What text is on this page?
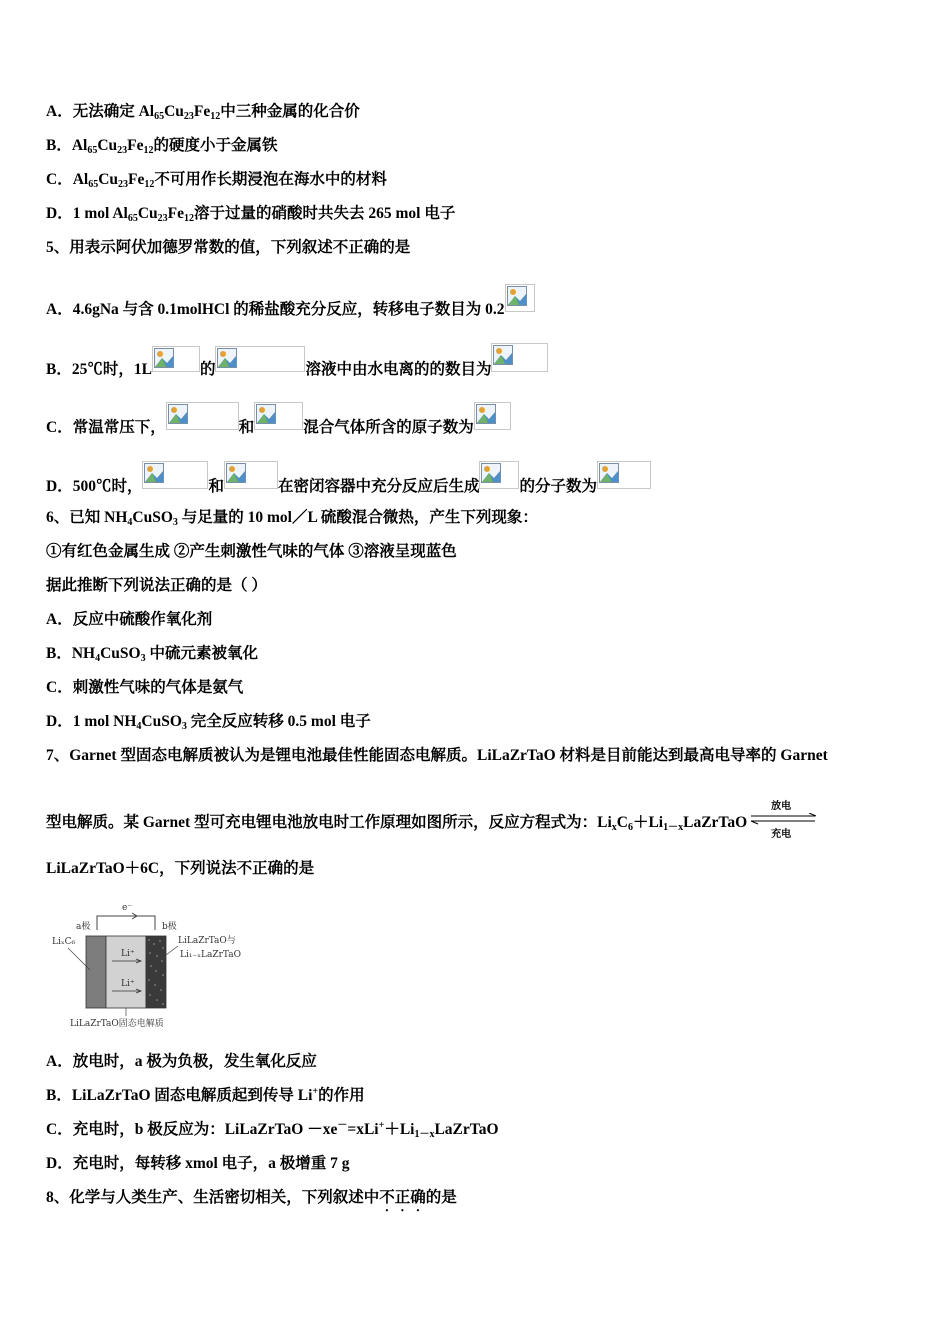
A．无法确定 $Al_{65}Cu_{23}Fe_{12}$中三种金属的化合价
B．$Al_{65}Cu_{23}Fe_{12}$的硬度小于金属铁
C．$Al_{65}Cu_{23}Fe_{12}$不可用作长期浸泡在海水中的材料
D．1 mol $Al_{65}Cu_{23}Fe_{12}$溶于过量的硝酸时共失去 265 mol 电子
5、用表示阿伏加德罗常数的值，下列叙述不正确的是
A．4.6gNa 与含 0.1molHCl 的稀盐酸充分反应，转移电子数目为 0.2
B．25℃时，1L	的	溶液中由水电离的的数目为
C．常温常压下，	和	混合气体所含的原子数为
D．500℃时，	和	在密闭容器中充分反应后生成	的分子数为
6、已知 $NH_4CuSO_3$ 与足量的 10 mol／L 硫酸混合微热，产生下列现象：
①有红色金属生成 ②产生刺激性气味的气体 ③溶液呈现蓝色
据此推断下列说法正确的是（ ）
A．反应中硫酸作氧化剂
B．$NH_4CuSO_3$ 中硫元素被氧化
C．刺激性气味的气体是氨气
D．1 mol $NH_4CuSO_3$ 完全反应转移 0.5 mol 电子
7、Garnet 型固态电解质被认为是锂电池最佳性能固态电解质。LiLaZrTaO 材料是目前能达到最高电导率的 Garnet
型电解质。某 Garnet 型可充电锂电池放电时工作原理如图所示，反应方程式为：$Li_xC_6+Li_{1-x}LaZrTaO$
放电
充电
LiLaZrTaO＋6C，下列说法不正确的是
e⁻
a极	b极
Li⁺
Li⁺
LiₓC₆	LiLaZrTaO与
Li₁₋ₓLaZrTaO
LiLaZrTaO固态电解质
A．放电时，a 极为负极，发生氧化反应
B．LiLaZrTaO 固态电解质起到传导 Li+的作用
C．充电时，b 极反应为：LiLaZrTaO $-xe^-=xLi^++Li_{1-x}LaZrTaO$
D．充电时，每转移 xmol 电子，a 极增重 7 g
8、化学与人类生产、生活密切相关，下列叙述中不正确的是
